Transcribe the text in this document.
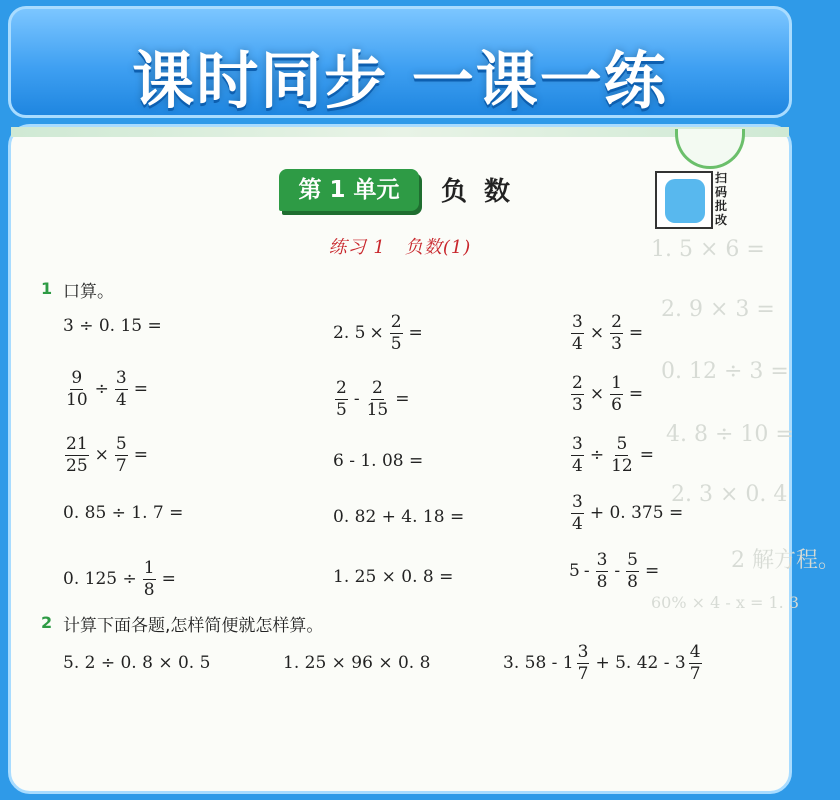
课时同步 一课一练
1. 5 × 6 =
2. 9 × 3 =
0. 12 ÷ 3 =
4. 8 ÷ 10 =
2. 3 × 0. 4
2 解方程。
60% × 4 - x = 1. 3
第 1 单元	负 数	扫
码
批
改
练习 1　负数(1)
1 口算。
3 ÷ 0. 15 =	2. $5 \times \frac{2}{5}$ =	$\frac{3}{4} \times \frac{2}{3}$ =
$\frac{9}{10} \div \frac{3}{4}$ =	$\frac{2}{5} - \frac{2}{15}$ =	$\frac{2}{3} \times \frac{1}{6}$ =
$\frac{21}{25} \times \frac{5}{7}$ =	6 - 1. 08 =	$\frac{3}{4} \div \frac{5}{12}$ =
0. 85 ÷ 1. 7 =	0. 82 + 4. 18 =	$\frac{3}{4} + 0$. 375 =
0. $125 \div \frac{1}{8}$ =	1. 25 × 0. 8 =	$5 - \frac{3}{8} - \frac{5}{8}$ =
2 计算下面各题,怎样简便就怎样算。
5. 2 ÷ 0. 8 × 0. 5	1. 25 × 96 × 0. 8	3. $58 - 1 \frac{3}{7} + 5$. $42 - 3 \frac{4}{7}$
